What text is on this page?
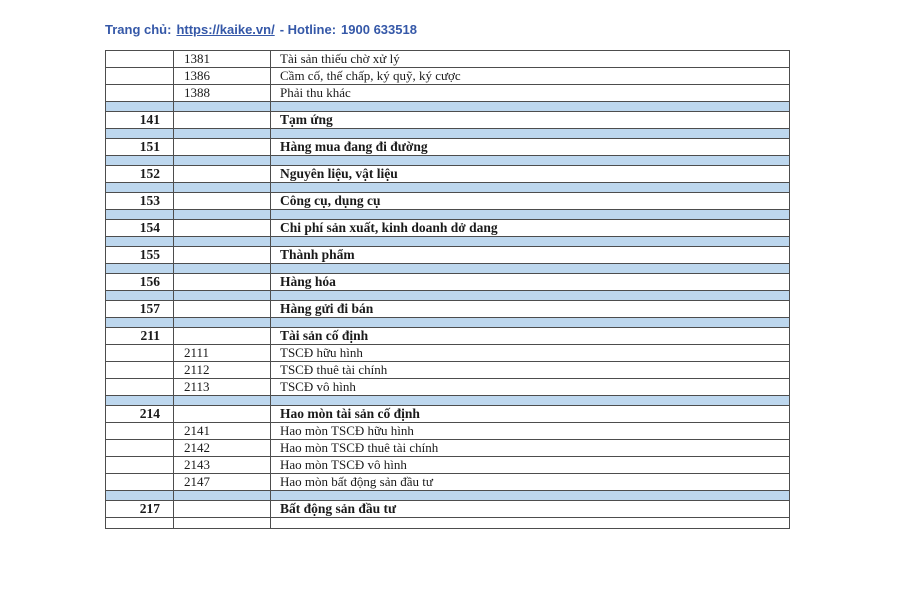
Trang chủ: https://kaike.vn/ - Hotline: 1900 633518
	1381	Tài sản thiếu chờ xử lý
	1386	Cầm cố, thế chấp, ký quỹ, ký cược
	1388	Phải thu khác

141		Tạm ứng

151		Hàng mua đang đi đường

152		Nguyên liệu, vật liệu

153		Công cụ, dụng cụ

154		Chi phí sản xuất, kinh doanh dở dang

155		Thành phẩm

156		Hàng hóa

157		Hàng gửi đi bán

211		Tài sản cố định
	2111	TSCĐ hữu hình
	2112	TSCĐ thuê tài chính
	2113	TSCĐ vô hình

214		Hao mòn tài sản cố định
	2141	Hao mòn TSCĐ hữu hình
	2142	Hao mòn TSCĐ thuê tài chính
	2143	Hao mòn TSCĐ vô hình
	2147	Hao mòn bất động sản đầu tư

217		Bất động sản đầu tư
